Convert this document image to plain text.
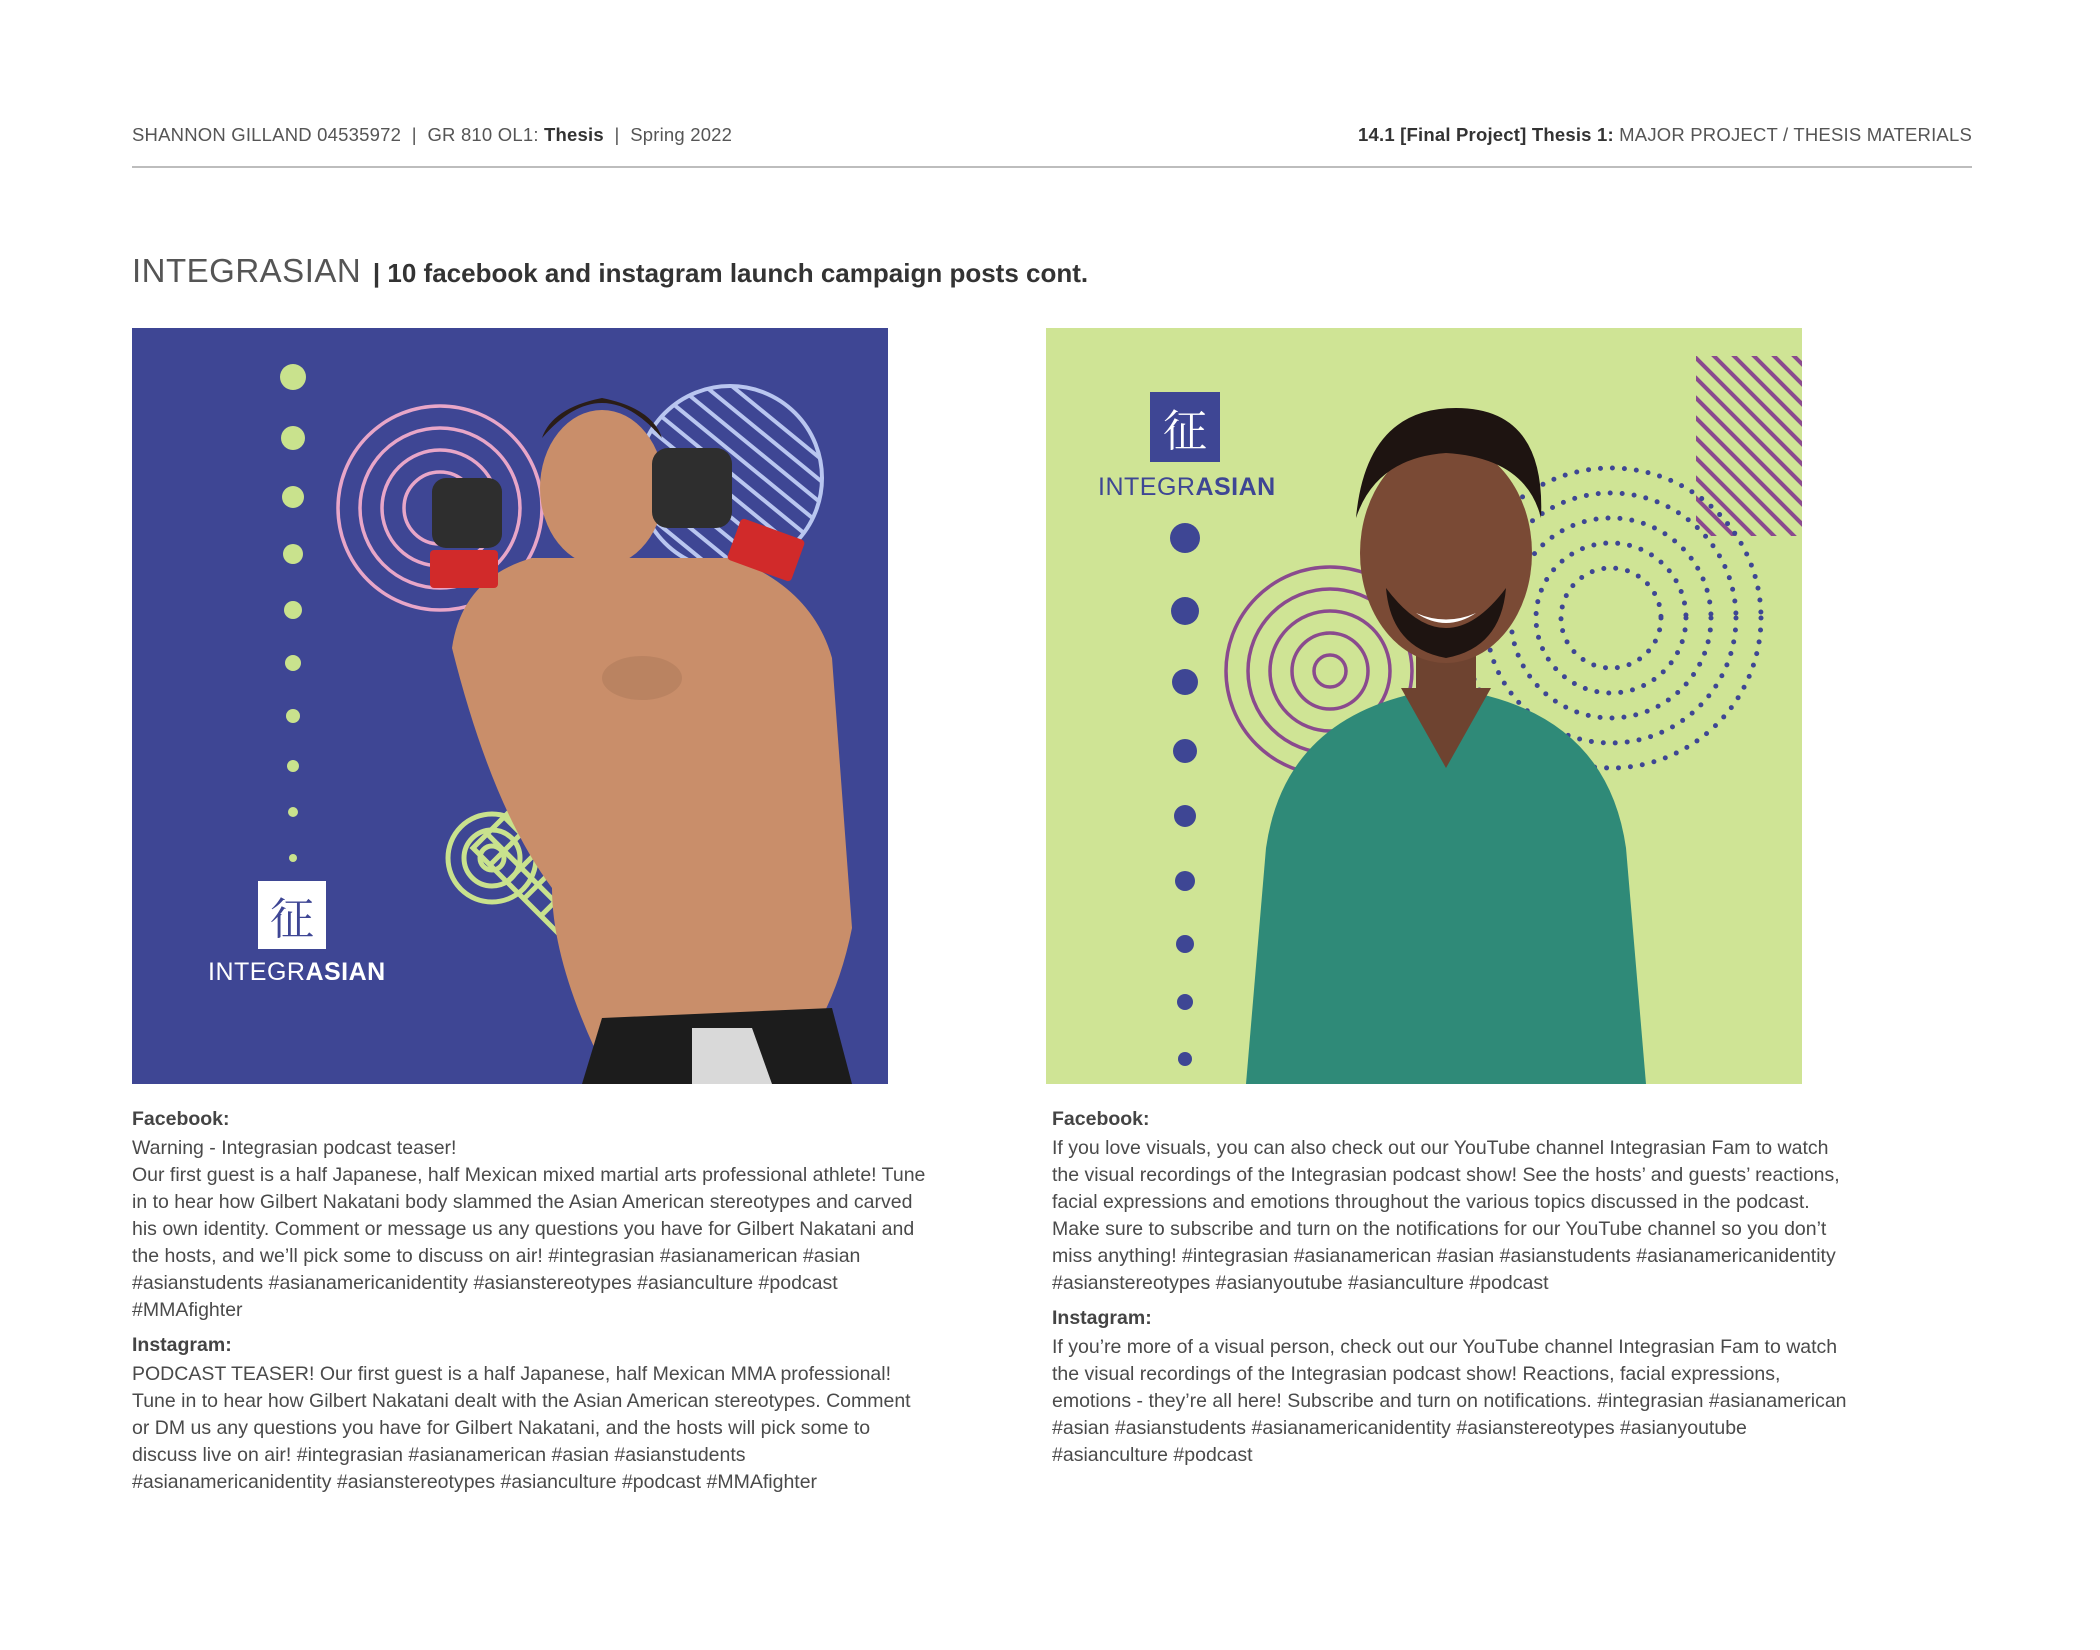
SHANNON GILLAND 04535972  |  GR 810 OL1: Thesis  |  Spring 2022	14.1 [Final Project] Thesis 1: MAJOR PROJECT / THESIS MATERIALS
INTEGRASIAN  | 10 facebook and instagram launch campaign posts cont.
征
INTEGRASIAN
征
INTEGRASIAN
Facebook:

Warning - Integrasian podcast teaser!
Our first guest is a half Japanese, half Mexican mixed martial arts professional athlete! Tune in to hear how Gilbert Nakatani body slammed the Asian American stereotypes and carved his own identity. Comment or message us any questions you have for Gilbert Nakatani and the hosts, and we’ll pick some to discuss on air! #integrasian #asianamerican #asian #asianstudents #asianamericanidentity #asianstereotypes #asianculture #podcast #MMAfighter

Instagram:

PODCAST TEASER! Our first guest is a half Japanese, half Mexican MMA professional! Tune in to hear how Gilbert Nakatani dealt with the Asian American stereotypes. Comment or DM us any questions you have for Gilbert Nakatani, and the hosts will pick some to discuss live on air! #integrasian #asianamerican #asian #asianstudents #asianamericanidentity #asianstereotypes #asianculture #podcast #MMAfighter

Facebook:

If you love visuals, you can also check out our YouTube channel Integrasian Fam to watch the visual recordings of the Integrasian podcast show! See the hosts’ and guests’ reactions, facial expressions and emotions throughout the various topics discussed in the podcast. Make sure to subscribe and turn on the notifications for our YouTube channel so you don’t miss anything! #integrasian #asianamerican #asian #asianstudents #asianamericanidentity #asianstereotypes #asianyoutube #asianculture #podcast

Instagram:

If you’re more of a visual person, check out our YouTube channel Integrasian Fam to watch the visual recordings of the Integrasian podcast show! Reactions, facial expressions, emotions - they’re all here! Subscribe and turn on notifications. #integrasian #asianamerican #asian #asianstudents #asianamericanidentity #asianstereotypes #asianyoutube #asianculture #podcast
